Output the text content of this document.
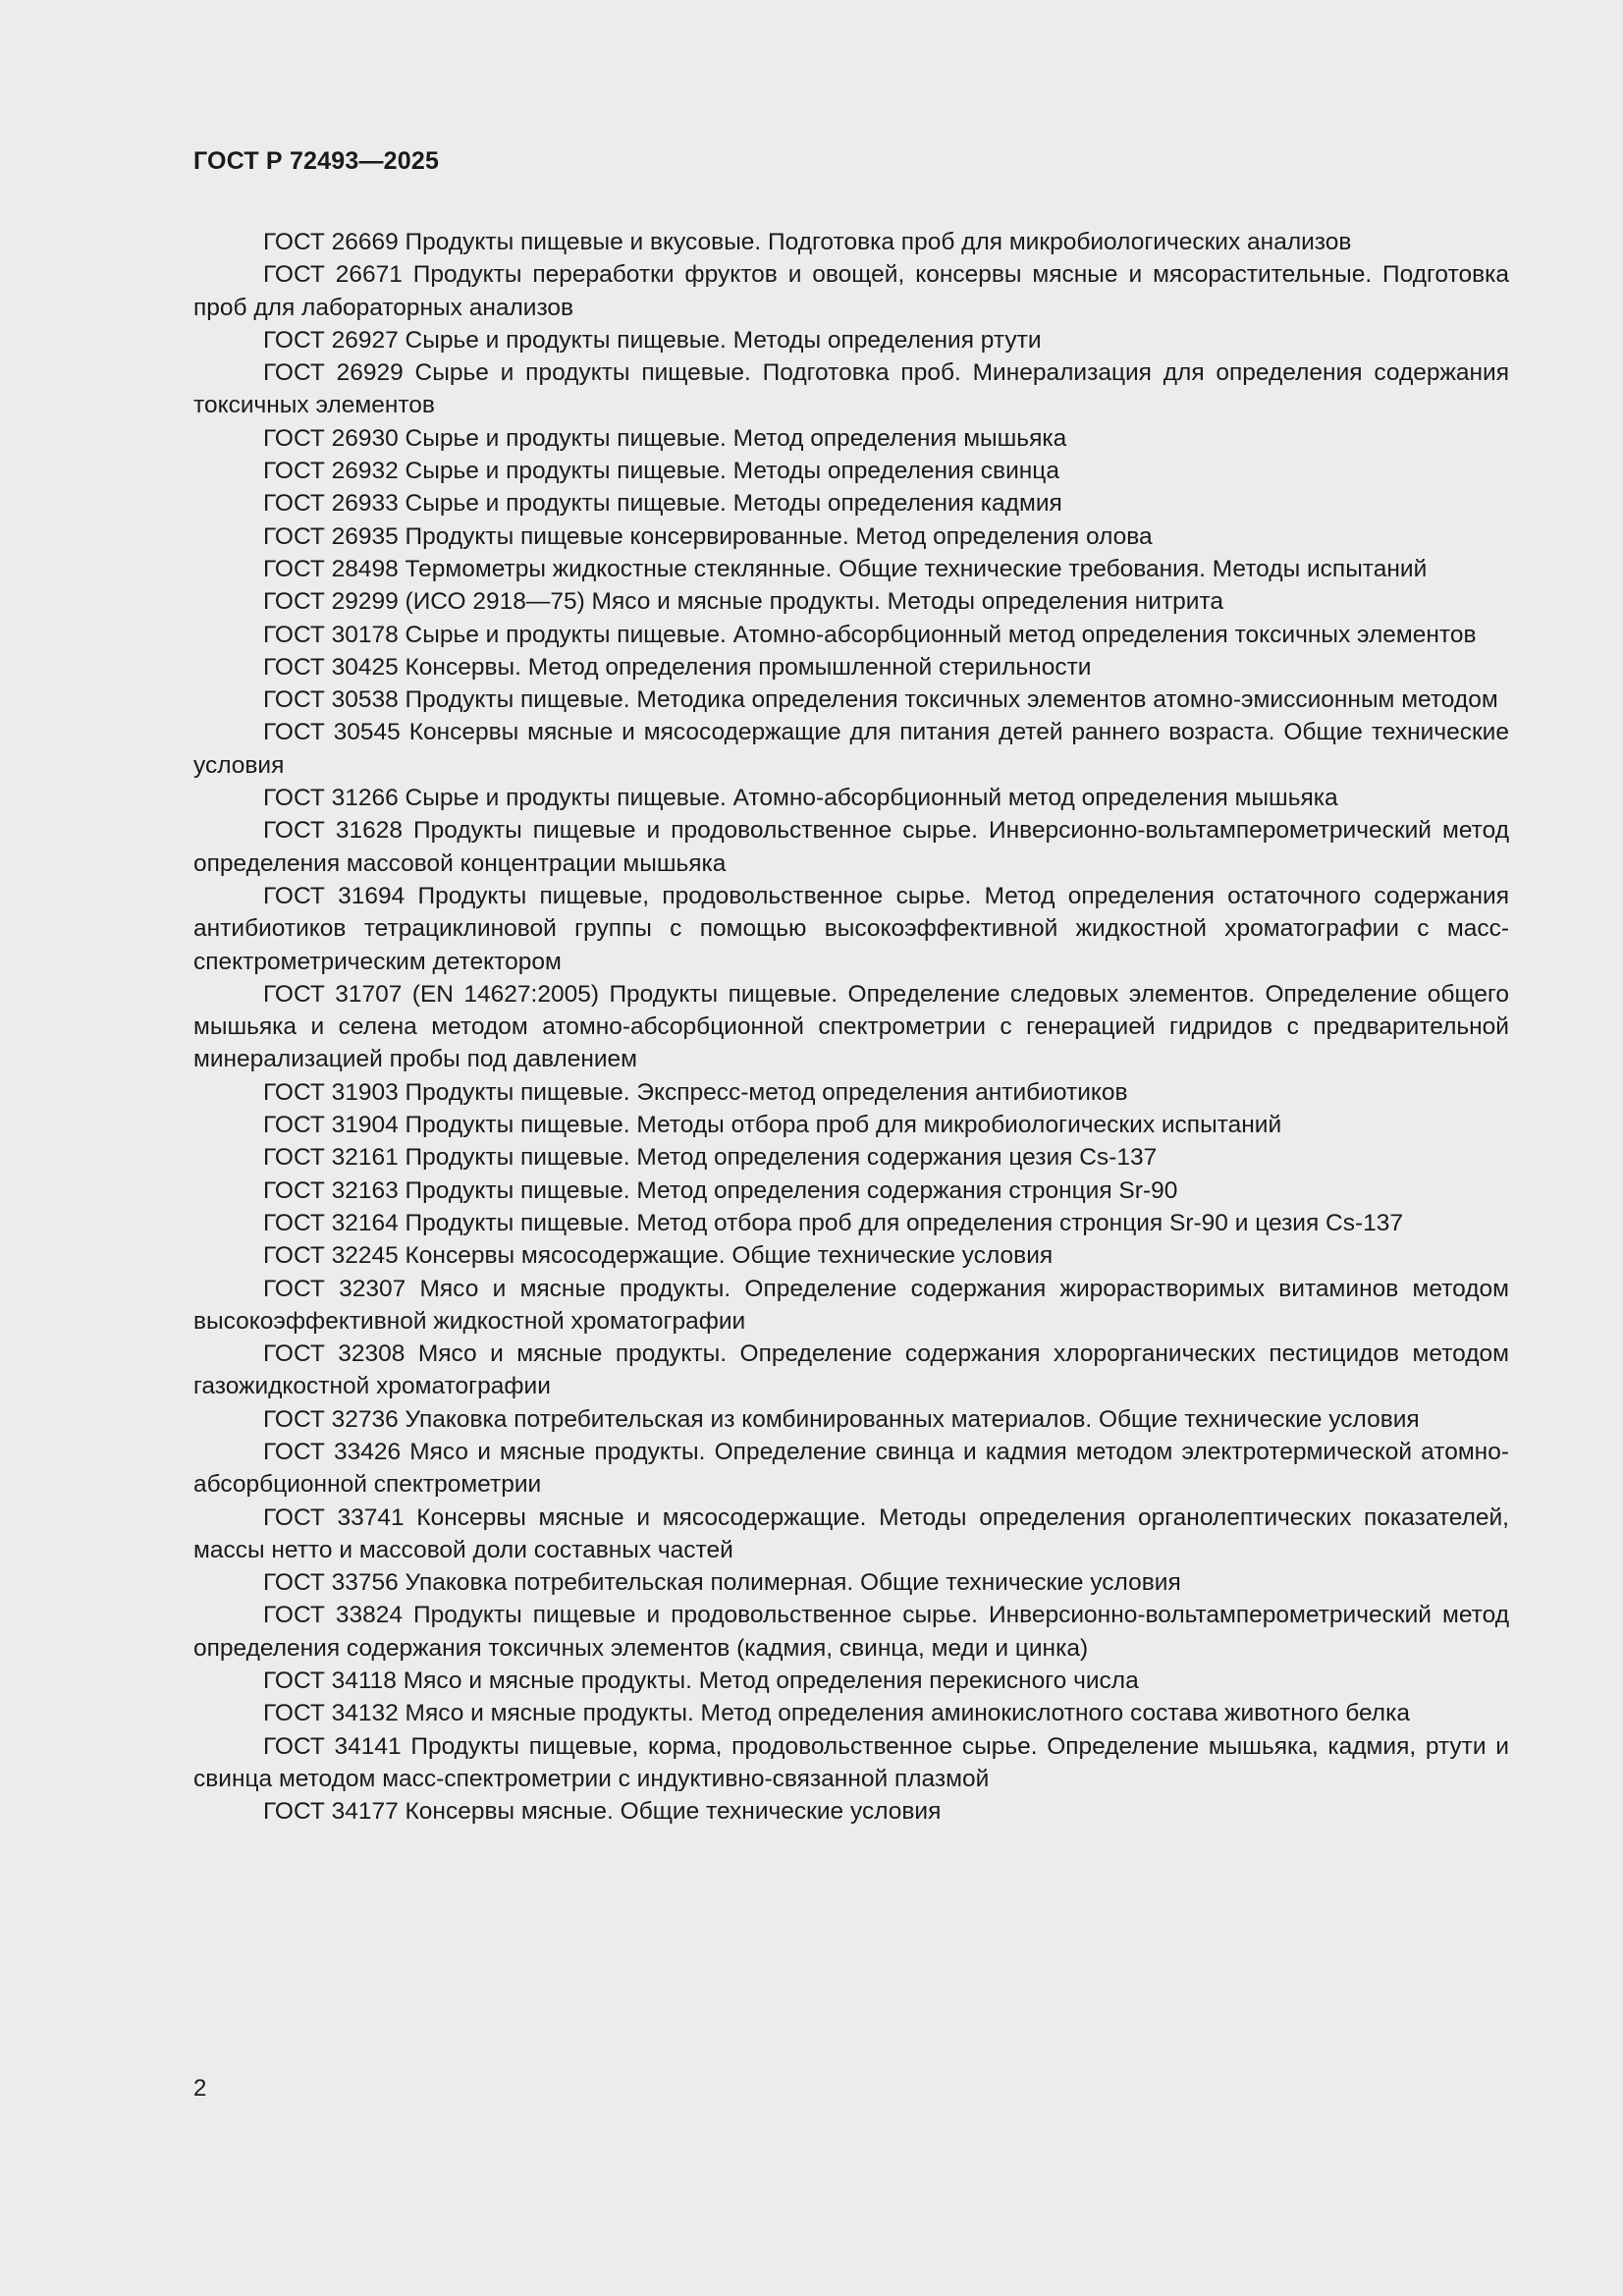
ГОСТ Р 72493—2025

ГОСТ 26669 Продукты пищевые и вкусовые. Подготовка проб для микробиологических анализов

ГОСТ 26671 Продукты переработки фруктов и овощей, консервы мясные и мясорастительные. Подготовка проб для лабораторных анализов

ГОСТ 26927 Сырье и продукты пищевые. Методы определения ртути

ГОСТ 26929 Сырье и продукты пищевые. Подготовка проб. Минерализация для определения содержания токсичных элементов

ГОСТ 26930 Сырье и продукты пищевые. Метод определения мышьяка

ГОСТ 26932 Сырье и продукты пищевые. Методы определения свинца

ГОСТ 26933 Сырье и продукты пищевые. Методы определения кадмия

ГОСТ 26935 Продукты пищевые консервированные. Метод определения олова

ГОСТ 28498 Термометры жидкостные стеклянные. Общие технические требования. Методы испытаний

ГОСТ 29299 (ИСО 2918—75) Мясо и мясные продукты. Методы определения нитрита

ГОСТ 30178 Сырье и продукты пищевые. Атомно-абсорбционный метод определения токсичных элементов

ГОСТ 30425 Консервы. Метод определения промышленной стерильности

ГОСТ 30538 Продукты пищевые. Методика определения токсичных элементов атомно-эмиссионным методом

ГОСТ 30545 Консервы мясные и мясосодержащие для питания детей раннего возраста. Общие технические условия

ГОСТ 31266 Сырье и продукты пищевые. Атомно-абсорбционный метод определения мышьяка

ГОСТ 31628 Продукты пищевые и продовольственное сырье. Инверсионно-вольтамперометрический метод определения массовой концентрации мышьяка

ГОСТ 31694 Продукты пищевые, продовольственное сырье. Метод определения остаточного содержания антибиотиков тетрациклиновой группы с помощью высокоэффективной жидкостной хроматографии с масс-спектрометрическим детектором

ГОСТ 31707 (EN 14627:2005) Продукты пищевые. Определение следовых элементов. Определение общего мышьяка и селена методом атомно-абсорбционной спектрометрии с генерацией гидридов с предварительной минерализацией пробы под давлением

ГОСТ 31903 Продукты пищевые. Экспресс-метод определения антибиотиков

ГОСТ 31904 Продукты пищевые. Методы отбора проб для микробиологических испытаний

ГОСТ 32161 Продукты пищевые. Метод определения содержания цезия Cs-137

ГОСТ 32163 Продукты пищевые. Метод определения содержания стронция Sr-90

ГОСТ 32164 Продукты пищевые. Метод отбора проб для определения стронция Sr-90 и цезия Cs-137

ГОСТ 32245 Консервы мясосодержащие. Общие технические условия

ГОСТ 32307 Мясо и мясные продукты. Определение содержания жирорастворимых витаминов методом высокоэффективной жидкостной хроматографии

ГОСТ 32308 Мясо и мясные продукты. Определение содержания хлорорганических пестицидов методом газожидкостной хроматографии

ГОСТ 32736 Упаковка потребительская из комбинированных материалов. Общие технические условия

ГОСТ 33426 Мясо и мясные продукты. Определение свинца и кадмия методом электротермической атомно-абсорбционной спектрометрии

ГОСТ 33741 Консервы мясные и мясосодержащие. Методы определения органолептических показателей, массы нетто и массовой доли составных частей

ГОСТ 33756 Упаковка потребительская полимерная. Общие технические условия

ГОСТ 33824 Продукты пищевые и продовольственное сырье. Инверсионно-вольтамперометрический метод определения содержания токсичных элементов (кадмия, свинца, меди и цинка)

ГОСТ 34118 Мясо и мясные продукты. Метод определения перекисного числа

ГОСТ 34132 Мясо и мясные продукты. Метод определения аминокислотного состава животного белка

ГОСТ 34141 Продукты пищевые, корма, продовольственное сырье. Определение мышьяка, кадмия, ртути и свинца методом масс-спектрометрии с индуктивно-связанной плазмой

ГОСТ 34177 Консервы мясные. Общие технические условия

2
